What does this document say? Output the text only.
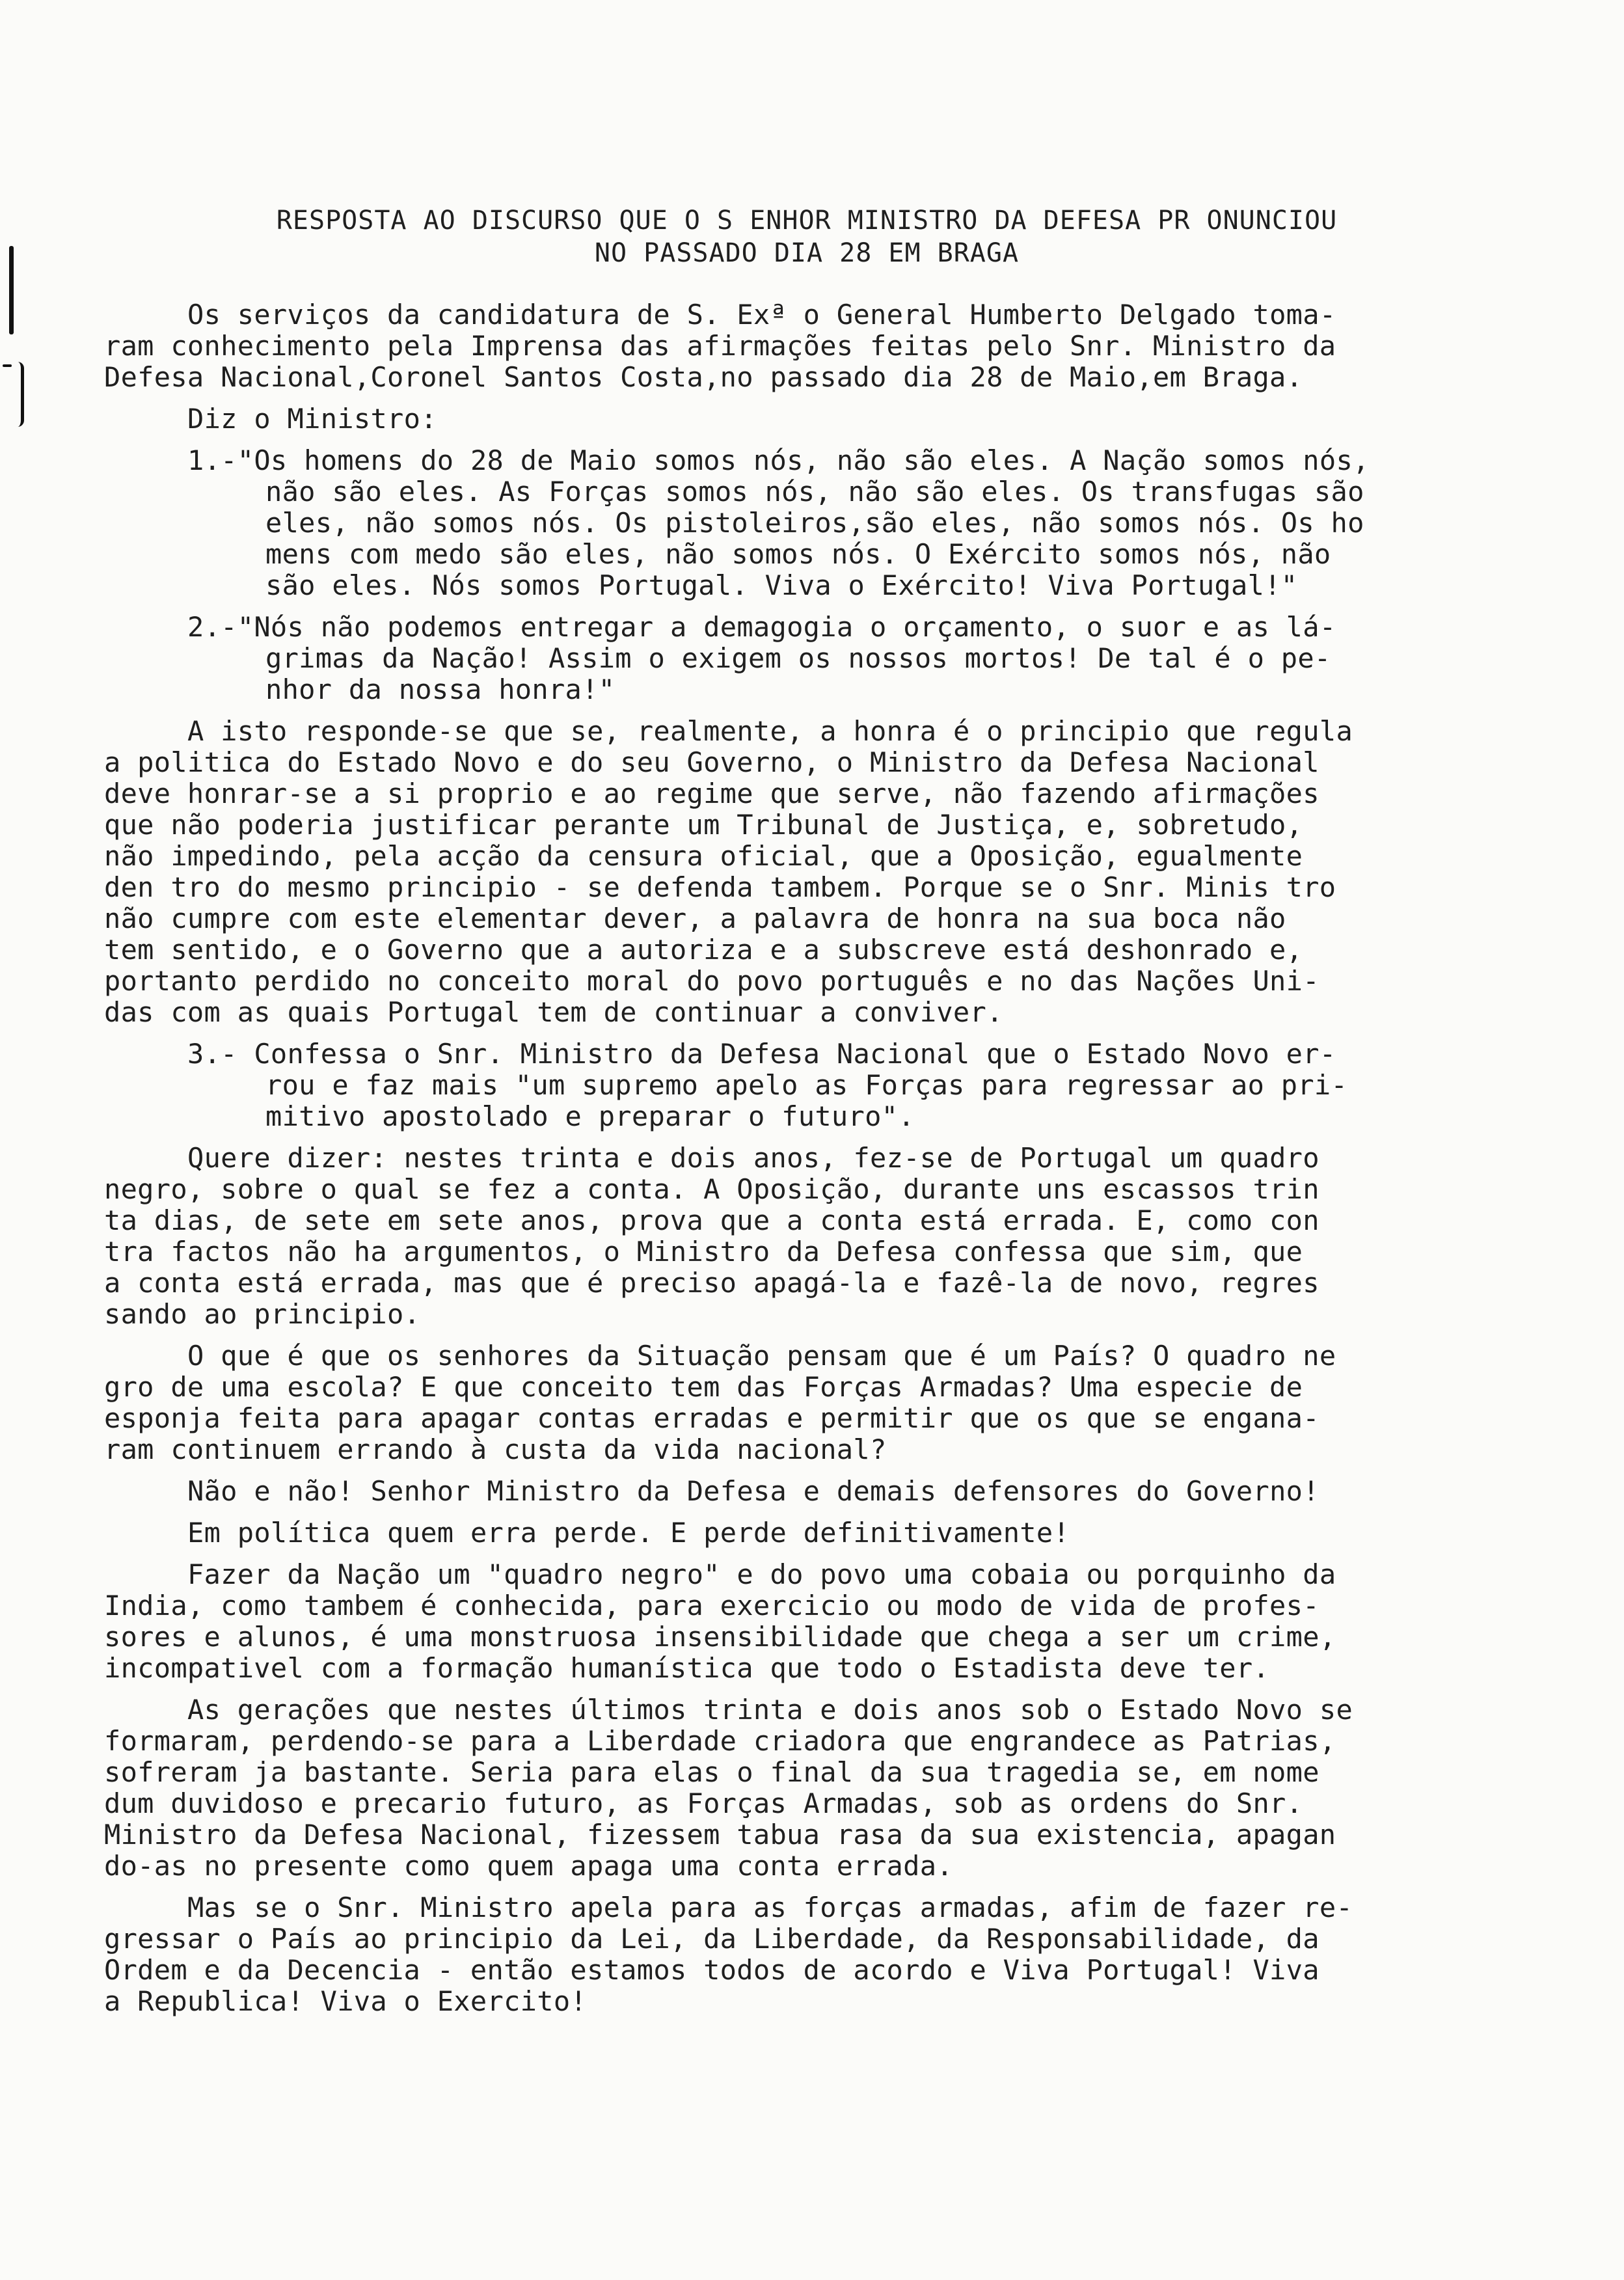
RESPOSTA AO DISCURSO QUE O S ENHOR MINISTRO DA DEFESA PR ONUNCIOU
NO PASSADO DIA 28 EM BRAGA
Os serviços da candidatura de S. Exª o General Humberto Delgado toma-
ram conhecimento pela Imprensa das afirmações feitas pelo Snr. Ministro da
Defesa Nacional,Coronel Santos Costa,no passado dia 28 de Maio,em Braga.
Diz o Ministro:
1.-"Os homens do 28 de Maio somos nós, não são eles. A Nação somos nós,
não são eles. As Forças somos nós, não são eles. Os transfugas são
eles, não somos nós. Os pistoleiros,são eles, não somos nós. Os ho
mens com medo são eles, não somos nós. O Exército somos nós, não
são eles. Nós somos Portugal. Viva o Exército! Viva Portugal!"
2.-"Nós não podemos entregar a demagogia o orçamento, o suor e as lá-
grimas da Nação! Assim o exigem os nossos mortos! De tal é o pe-
nhor da nossa honra!"
A isto responde-se que se, realmente, a honra é o principio que regula
a politica do Estado Novo e do seu Governo, o Ministro da Defesa Nacional
deve honrar-se a si proprio e ao regime que serve, não fazendo afirmações
que não poderia justificar perante um Tribunal de Justiça, e, sobretudo,
não impedindo, pela acção da censura oficial, que a Oposição, egualmente
den tro do mesmo principio - se defenda tambem. Porque se o Snr. Minis tro
não cumpre com este elementar dever, a palavra de honra na sua boca não
tem sentido, e o Governo que a autoriza e a subscreve está deshonrado e,
portanto perdido no conceito moral do povo português e no das Nações Uni-
das com as quais Portugal tem de continuar a conviver.
3.- Confessa o Snr. Ministro da Defesa Nacional que o Estado Novo er-
rou e faz mais "um supremo apelo as Forças para regressar ao pri-
mitivo apostolado e preparar o futuro".
Quere dizer: nestes trinta e dois anos, fez-se de Portugal um quadro
negro, sobre o qual se fez a conta. A Oposição, durante uns escassos trin
ta dias, de sete em sete anos, prova que a conta está errada. E, como con
tra factos não ha argumentos, o Ministro da Defesa confessa que sim, que
a conta está errada, mas que é preciso apagá-la e fazê-la de novo, regres
sando ao principio.
O que é que os senhores da Situação pensam que é um País? O quadro ne
gro de uma escola? E que conceito tem das Forças Armadas? Uma especie de
esponja feita para apagar contas erradas e permitir que os que se engana-
ram continuem errando à custa da vida nacional?
Não e não! Senhor Ministro da Defesa e demais defensores do Governo!
Em política quem erra perde. E perde definitivamente!
Fazer da Nação um "quadro negro" e do povo uma cobaia ou porquinho da
India, como tambem é conhecida, para exercicio ou modo de vida de profes-
sores e alunos, é uma monstruosa insensibilidade que chega a ser um crime,
incompativel com a formação humanística que todo o Estadista deve ter.
As gerações que nestes últimos trinta e dois anos sob o Estado Novo se
formaram, perdendo-se para a Liberdade criadora que engrandece as Patrias,
sofreram ja bastante. Seria para elas o final da sua tragedia se, em nome
dum duvidoso e precario futuro, as Forças Armadas, sob as ordens do Snr.
Ministro da Defesa Nacional, fizessem tabua rasa da sua existencia, apagan
do-as no presente como quem apaga uma conta errada.
Mas se o Snr. Ministro apela para as forças armadas, afim de fazer re-
gressar o País ao principio da Lei, da Liberdade, da Responsabilidade, da
Ordem e da Decencia - então estamos todos de acordo e Viva Portugal! Viva
a Republica! Viva o Exercito!
